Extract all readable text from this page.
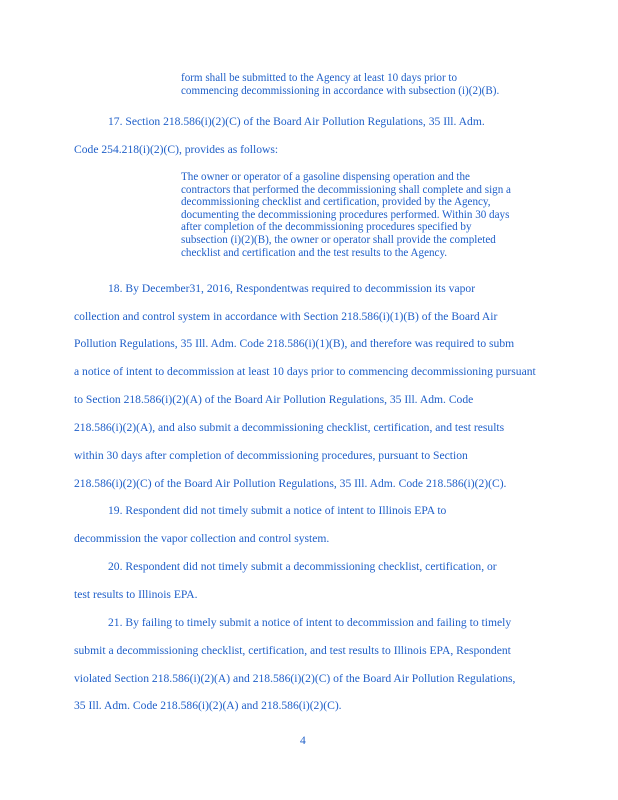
form shall be submitted to the Agency at least 10 days prior to
commencing decommissioning in accordance with subsection (i)(2)(B).
17. Section 218.586(i)(2)(C) of the Board Air Pollution Regulations, 35 Ill. Adm.
Code 254.218(i)(2)(C), provides as follows:
The owner or operator of a gasoline dispensing operation and the
contractors that performed the decommissioning shall complete and sign a
decommissioning checklist and certification, provided by the Agency,
documenting the decommissioning procedures performed. Within 30 days
after completion of the decommissioning procedures specified by
subsection (i)(2)(B), the owner or operator shall provide the completed
checklist and certification and the test results to the Agency.
18. By December31, 2016, Respondentwas required to decommission its vapor
collection and control system in accordance with Section 218.586(i)(1)(B) of the Board Air
Pollution Regulations, 35 Ill. Adm. Code 218.586(i)(1)(B), and therefore was required to subm
a notice of intent to decommission at least 10 days prior to commencing decommissioning pursuant
to Section 218.586(i)(2)(A) of the Board Air Pollution Regulations, 35 Ill. Adm. Code
218.586(i)(2)(A), and also submit a decommissioning checklist, certification, and test results
within 30 days after completion of decommissioning procedures, pursuant to Section
218.586(i)(2)(C) of the Board Air Pollution Regulations, 35 Ill. Adm. Code 218.586(i)(2)(C).
19. Respondent did not timely submit a notice of intent to Illinois EPA to
decommission the vapor collection and control system.
20. Respondent did not timely submit a decommissioning checklist, certification, or
test results to Illinois EPA.
21. By failing to timely submit a notice of intent to decommission and failing to timely
submit a decommissioning checklist, certification, and test results to Illinois EPA, Respondent
violated Section 218.586(i)(2)(A) and 218.586(i)(2)(C) of the Board Air Pollution Regulations,
35 Ill. Adm. Code 218.586(i)(2)(A) and 218.586(i)(2)(C).
4
